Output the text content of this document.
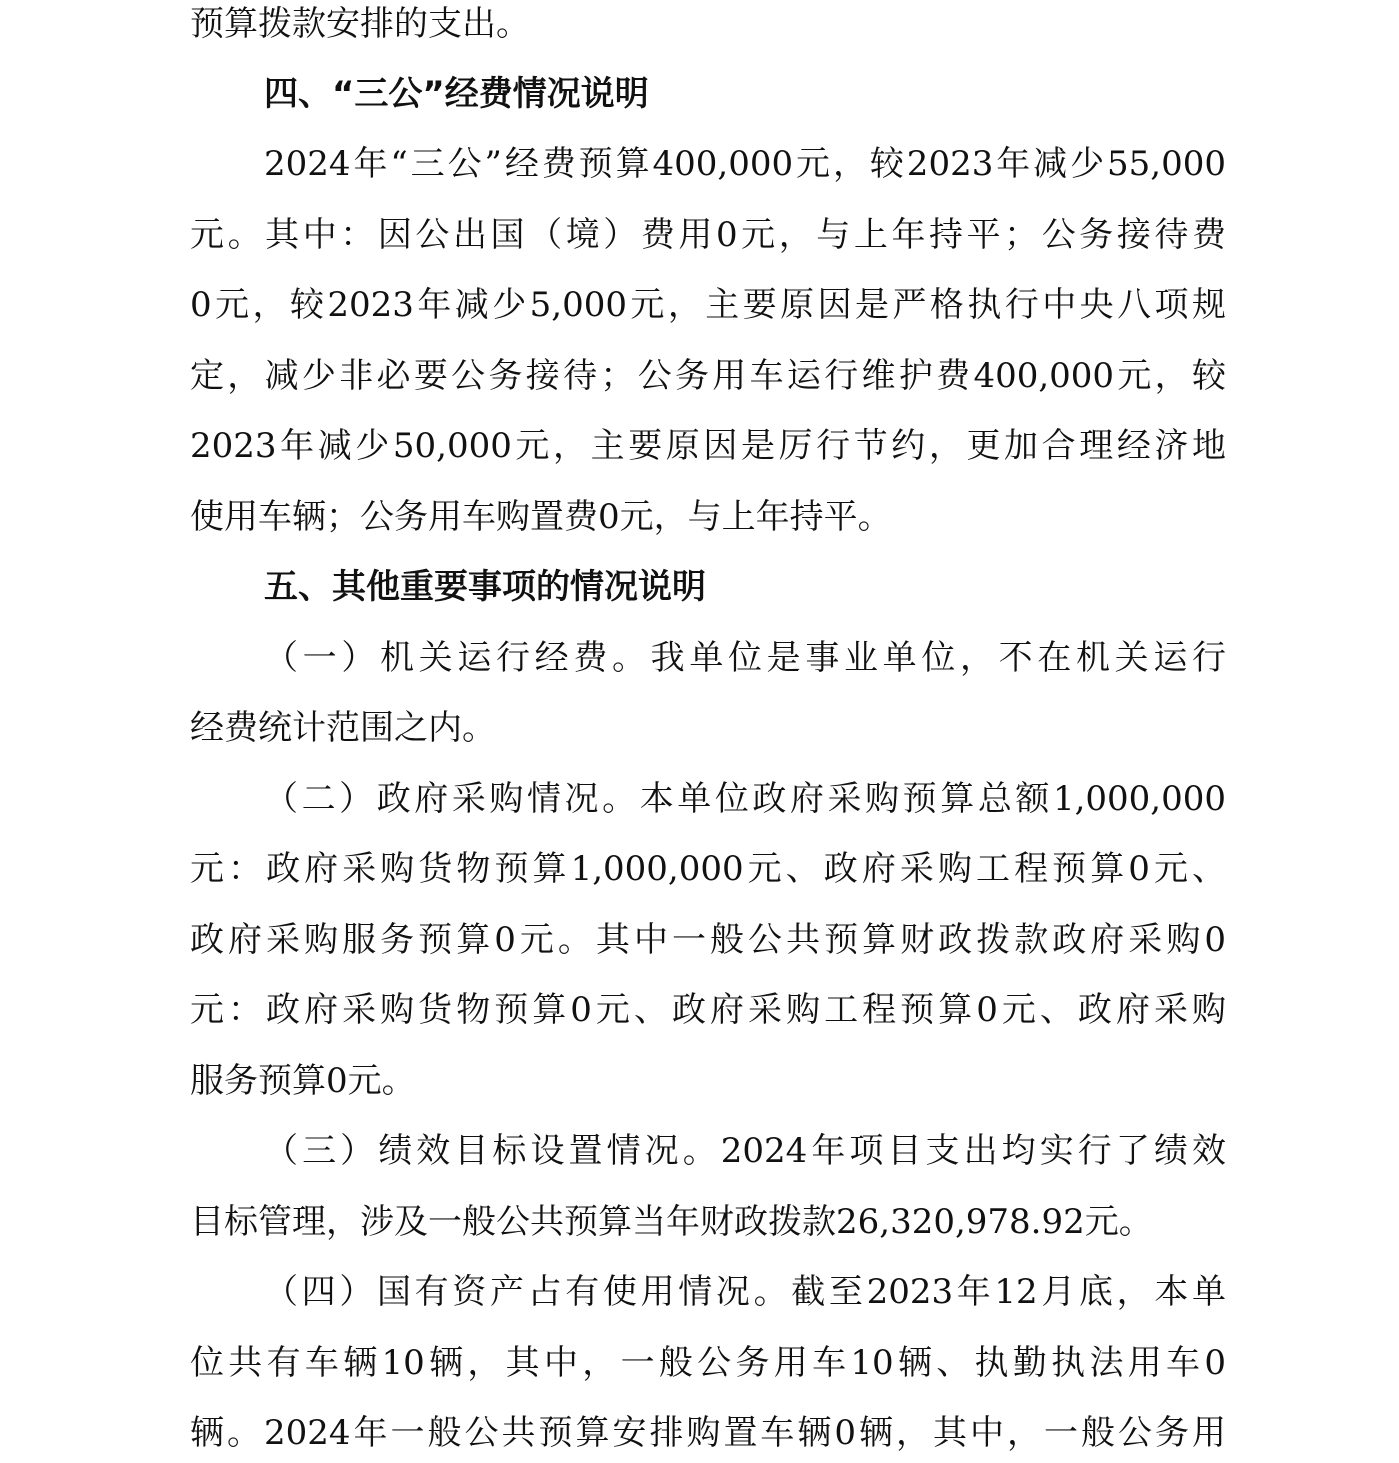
预算拨款安排的支出。
四、“三公”经费情况说明
2024年“三公”经费预算400,000元，较2023年减少55,000
元。其中：因公出国（境）费用0元，与上年持平；公务接待费
0元，较2023年减少5,000元，主要原因是严格执行中央八项规
定，减少非必要公务接待；公务用车运行维护费400,000元，较
2023年减少50,000元，主要原因是厉行节约，更加合理经济地
使用车辆；公务用车购置费0元，与上年持平。
五、其他重要事项的情况说明
（一）机关运行经费。我单位是事业单位，不在机关运行
经费统计范围之内。
（二）政府采购情况。本单位政府采购预算总额1,000,000
元：政府采购货物预算1,000,000元、政府采购工程预算0元、
政府采购服务预算0元。其中一般公共预算财政拨款政府采购0
元：政府采购货物预算0元、政府采购工程预算0元、政府采购
服务预算0元。
（三）绩效目标设置情况。2024年项目支出均实行了绩效
目标管理，涉及一般公共预算当年财政拨款26,320,978.92元。
（四）国有资产占有使用情况。截至2023年12月底，本单
位共有车辆10辆，其中，一般公务用车10辆、执勤执法用车0
辆。2024年一般公共预算安排购置车辆0辆，其中，一般公务用
